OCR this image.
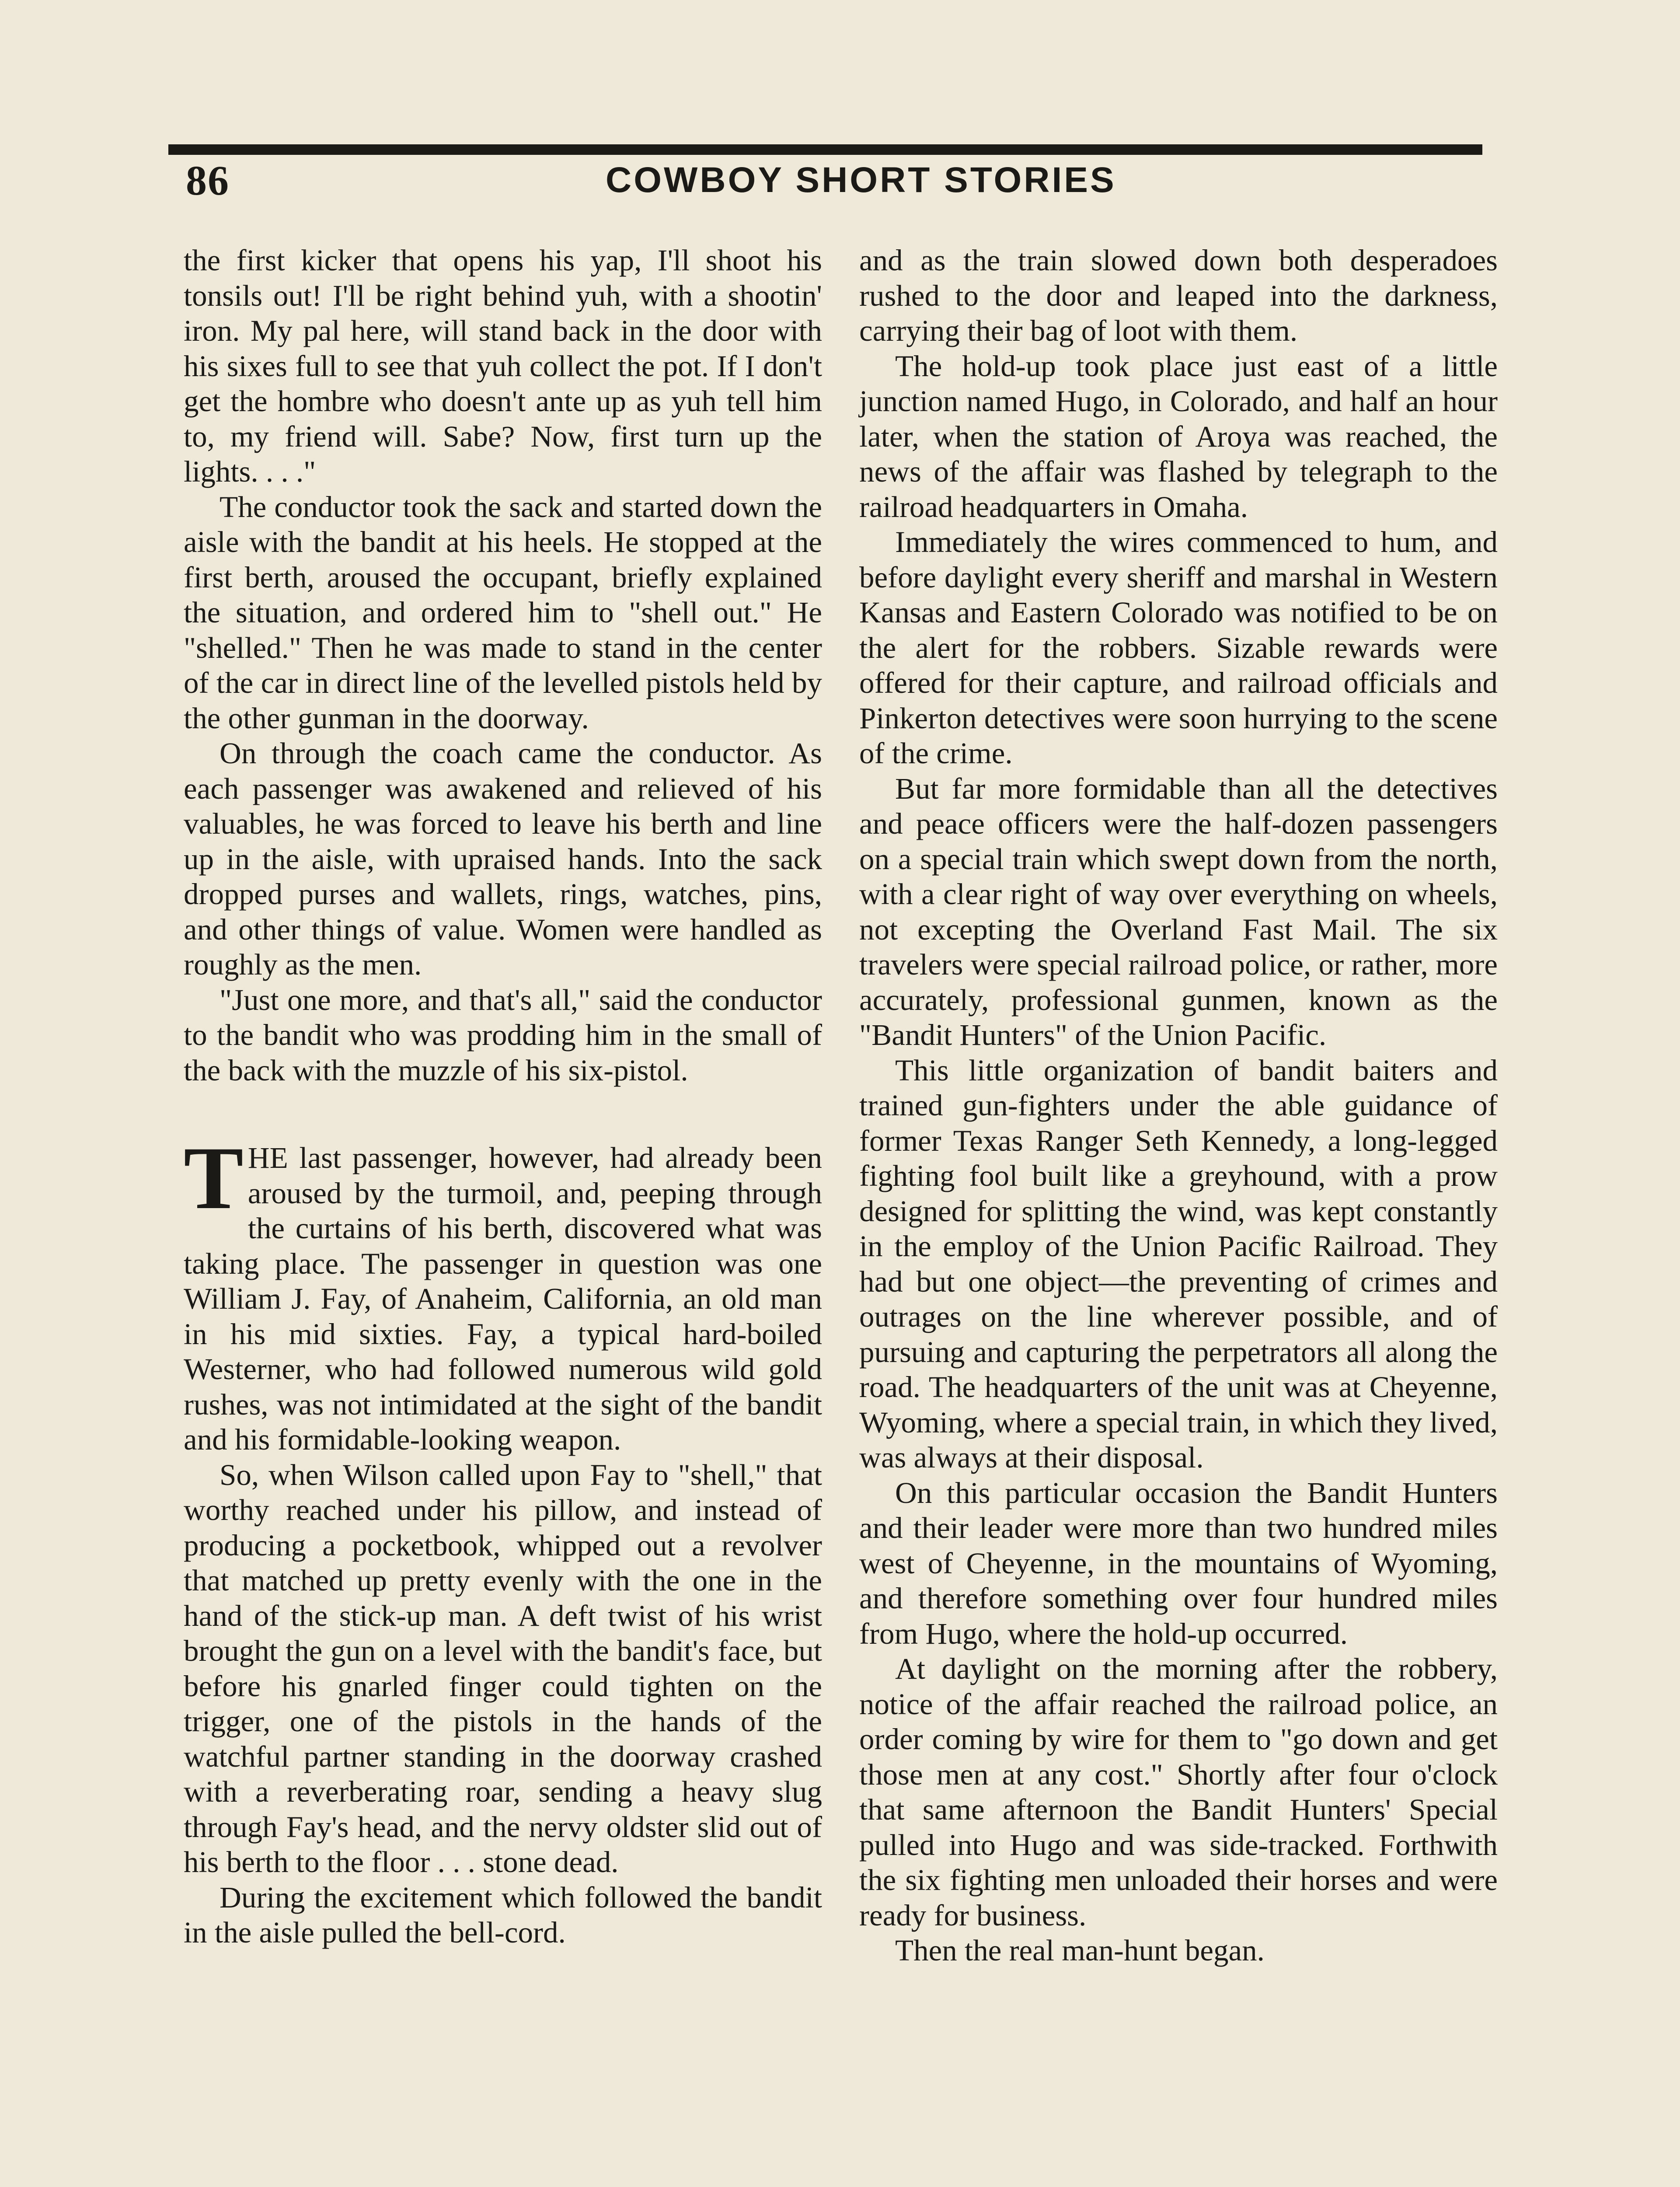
86	COWBOY SHORT STORIES

the first kicker that opens his yap, I'll shoot his tonsils out! I'll be right behind yuh, with a shootin' iron. My pal here, will stand back in the door with his sixes full to see that yuh collect the pot. If I don't get the hombre who doesn't ante up as yuh tell him to, my friend will. Sabe? Now, first turn up the lights. . . ."

The conductor took the sack and started down the aisle with the bandit at his heels. He stopped at the first berth, aroused the occupant, briefly explained the situation, and ordered him to "shell out." He "shelled." Then he was made to stand in the center of the car in direct line of the levelled pistols held by the other gunman in the doorway.

On through the coach came the conductor. As each passenger was awakened and relieved of his valuables, he was forced to leave his berth and line up in the aisle, with upraised hands. Into the sack dropped purses and wallets, rings, watches, pins, and other things of value. Women were handled as roughly as the men.

"Just one more, and that's all," said the conductor to the bandit who was prodding him in the small of the back with the muzzle of his six-pistol.

THE last passenger, however, had already been aroused by the turmoil, and, peeping through the curtains of his berth, discovered what was taking place. The passenger in question was one William J. Fay, of Anaheim, California, an old man in his mid sixties. Fay, a typical hard-boiled Westerner, who had followed numerous wild gold rushes, was not intimidated at the sight of the bandit and his formidable-looking weapon.

So, when Wilson called upon Fay to "shell," that worthy reached under his pillow, and instead of producing a pocketbook, whipped out a revolver that matched up pretty evenly with the one in the hand of the stick-up man. A deft twist of his wrist brought the gun on a level with the bandit's face, but before his gnarled finger could tighten on the trigger, one of the pistols in the hands of the watchful partner standing in the doorway crashed with a reverberating roar, sending a heavy slug through Fay's head, and the nervy oldster slid out of his berth to the floor . . . stone dead.

During the excitement which followed the bandit in the aisle pulled the bell-cord.

and as the train slowed down both desperadoes rushed to the door and leaped into the darkness, carrying their bag of loot with them.

The hold-up took place just east of a little junction named Hugo, in Colorado, and half an hour later, when the station of Aroya was reached, the news of the affair was flashed by telegraph to the railroad headquarters in Omaha.

Immediately the wires commenced to hum, and before daylight every sheriff and marshal in Western Kansas and Eastern Colorado was notified to be on the alert for the robbers. Sizable rewards were offered for their capture, and railroad officials and Pinkerton detectives were soon hurrying to the scene of the crime.

But far more formidable than all the detectives and peace officers were the half-dozen passengers on a special train which swept down from the north, with a clear right of way over everything on wheels, not excepting the Overland Fast Mail. The six travelers were special railroad police, or rather, more accurately, professional gunmen, known as the "Bandit Hunters" of the Union Pacific.

This little organization of bandit baiters and trained gun-fighters under the able guidance of former Texas Ranger Seth Kennedy, a long-legged fighting fool built like a greyhound, with a prow designed for splitting the wind, was kept constantly in the employ of the Union Pacific Railroad. They had but one object—the preventing of crimes and outrages on the line wherever possible, and of pursuing and capturing the perpetrators all along the road. The headquarters of the unit was at Cheyenne, Wyoming, where a special train, in which they lived, was always at their disposal.

On this particular occasion the Bandit Hunters and their leader were more than two hundred miles west of Cheyenne, in the mountains of Wyoming, and therefore something over four hundred miles from Hugo, where the hold-up occurred.

At daylight on the morning after the robbery, notice of the affair reached the railroad police, an order coming by wire for them to "go down and get those men at any cost." Shortly after four o'clock that same afternoon the Bandit Hunters' Special pulled into Hugo and was side-tracked. Forthwith the six fighting men unloaded their horses and were ready for business.

Then the real man-hunt began.
